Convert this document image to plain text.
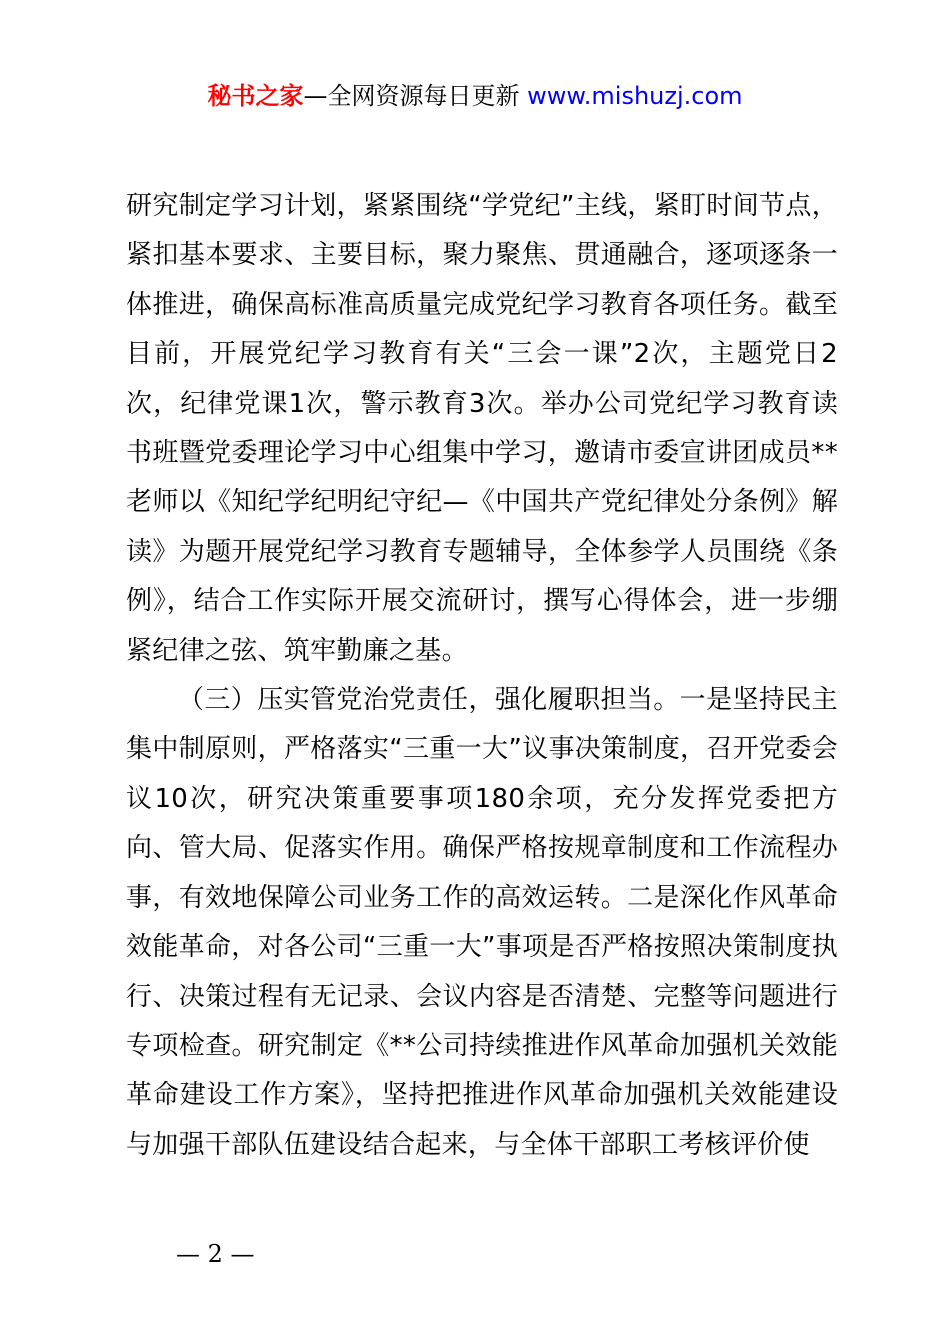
秘书之家—全网资源每日更新 www.mishuzj.com

研究制定学习计划，紧紧围绕“学党纪”主线，紧盯时间节点，紧扣基本要求、主要目标，聚力聚焦、贯通融合，逐项逐条一体推进，确保高标准高质量完成党纪学习教育各项任务。截至目前，开展党纪学习教育有关“三会一课”2次，主题党日2次，纪律党课1次，警示教育3次。举办公司党纪学习教育读书班暨党委理论学习中心组集中学习，邀请市委宣讲团成员**老师以《知纪学纪明纪守纪—《中国共产党纪律处分条例》解读》为题开展党纪学习教育专题辅导，全体参学人员围绕《条例》，结合工作实际开展交流研讨，撰写心得体会，进一步绷紧纪律之弦、筑牢勤廉之基。

（三）压实管党治党责任，强化履职担当。一是坚持民主集中制原则，严格落实“三重一大”议事决策制度，召开党委会议10次，研究决策重要事项180余项，充分发挥党委把方向、管大局、促落实作用。确保严格按规章制度和工作流程办事，有效地保障公司业务工作的高效运转。二是深化作风革命效能革命，对各公司“三重一大”事项是否严格按照决策制度执行、决策过程有无记录、会议内容是否清楚、完整等问题进行专项检查。研究制定《**公司持续推进作风革命加强机关效能革命建设工作方案》，坚持把推进作风革命加强机关效能建设与加强干部队伍建设结合起来，与全体干部职工考核评价使

— 2 —
